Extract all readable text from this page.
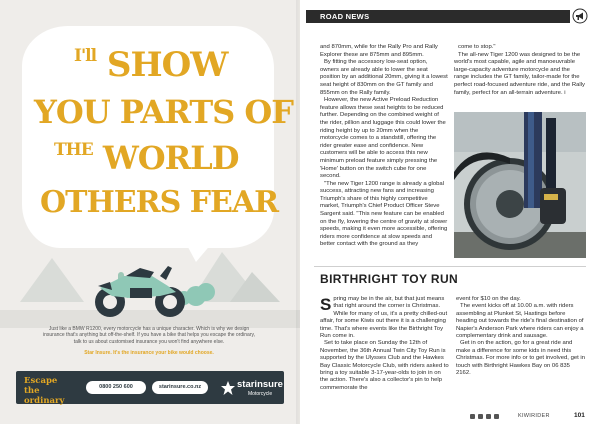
$^{I'll}$ SHOW
YOU PARTS OF
$^{THE}$ WORLD
OTHERS FEAR
Just like a BMW R1200, every motorcycle has a unique character. Which is why we design insurance that's anything but off-the-shelf. If you have a bike that helps you escape the ordinary, talk to us about customised insurance you won't find anywhere else.
Star Insure. It's the insurance your bike would choose.
Escape the
ordinary
0800 250 600	starinsure.co.nz	starinsure
Motorcycle
ROAD NEWS

and 870mm, while for the Rally Pro and Rally Explorer these are 875mm and 895mm.

By fitting the accessory low-seat option, owners are already able to lower the seat position by an additional 20mm, giving it a lowest seat height of 830mm on the GT family and 855mm on the Rally family.

However, the new Active Preload Reduction feature allows these seat heights to be reduced further. Depending on the combined weight of the rider, pillion and luggage this could lower the riding height by up to 20mm when the motorcycle comes to a standstill, offering the rider greater ease and confidence. New customers will be able to access this new minimum preload feature simply pressing the 'Home' button on the switch cube for one second.

"The new Tiger 1200 range is already a global success, attracting new fans and increasing Triumph's share of this highly competitive market, Triumph's Chief Product Officer Steve Sargent said. "This new feature can be enabled on the fly, lowering the centre of gravity at slower speeds, making it even more accessible, offering riders more confidence at slow speeds and better contact with the ground as they

come to stop."

The all-new Tiger 1200 was designed to be the world's most capable, agile and manoeuvrable large-capacity adventure motorcycle and the range includes the GT family, tailor-made for the perfect road-focused adventure ride, and the Rally family, perfect for an all-terrain adventure. i

BIRTHRIGHT TOY RUN

Spring may be in the air, but that just means that right around the corner is Christmas. While for many of us, it's a pretty chilled-out affair, for some Kiwis out there it is a challenging time. That's where events like the Birthright Toy Run come in.

Set to take place on Sunday the 12th of November, the 36th Annual Twin City Toy Run is supported by the Ulysses Club and the Hawkes Bay Classic Motorcycle Club, with riders asked to bring a toy suitable 3-17-year-olds to join in on the action. There's also a collector's pin to help commemorate the

event for $10 on the day.

The event kicks off at 10.00 a.m. with riders assembling at Plunket St, Hastings before heading out towards the ride's final destination of Napier's Anderson Park where riders can enjoy a complementary drink and sausage.

Get in on the action, go for a great ride and make a difference for some kids in need this Christmas. For more info or to get involved, get in touch with Birthright Hawkes Bay on 06 835 2162.

KIWIRIDER	101
